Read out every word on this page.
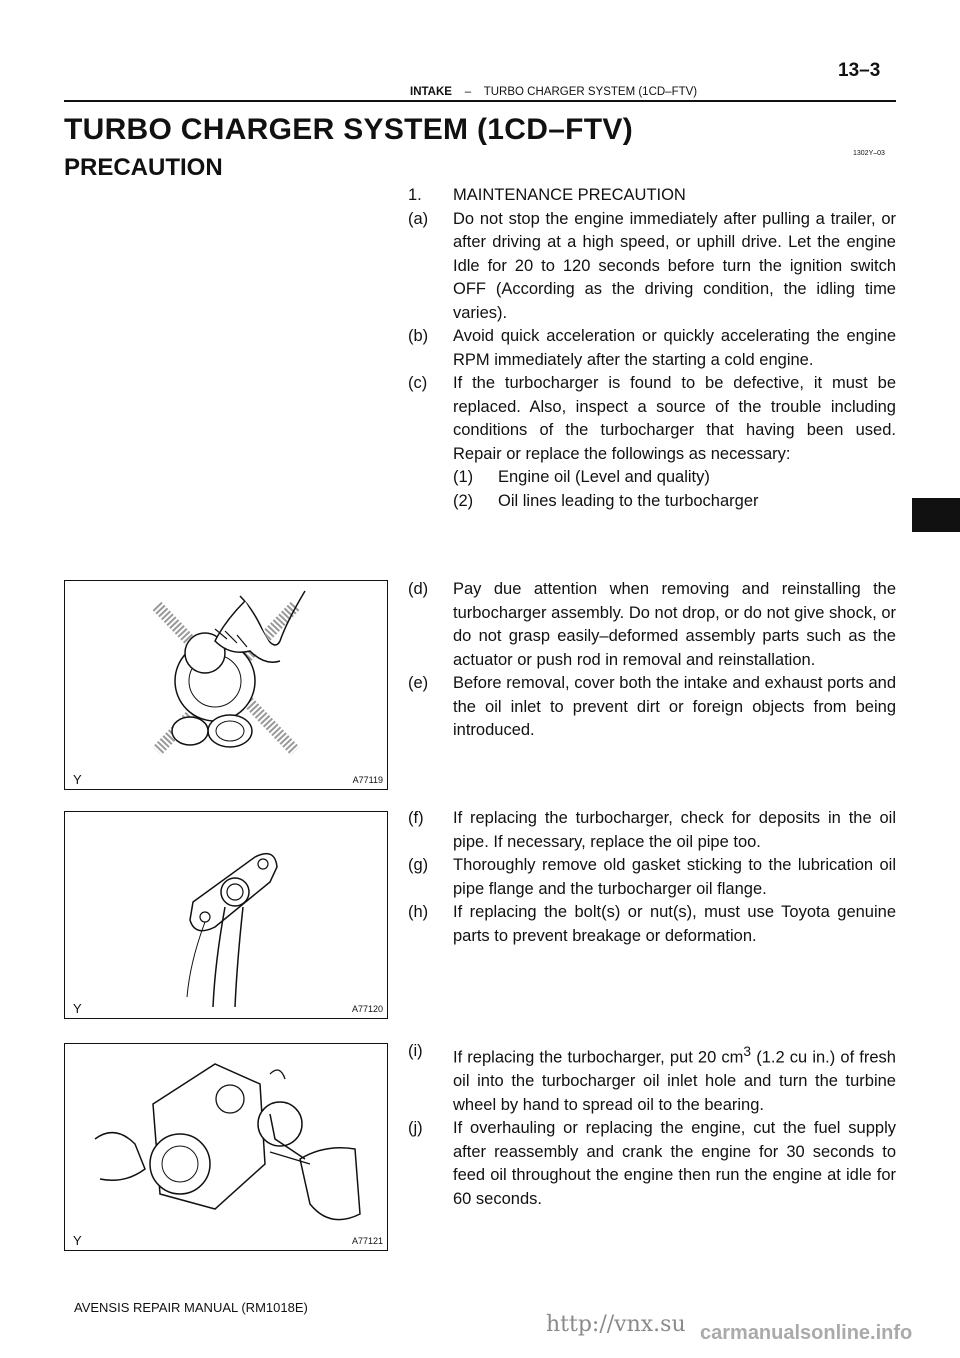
13–3
INTAKE – TURBO CHARGER SYSTEM (1CD–FTV)
TURBO CHARGER SYSTEM (1CD–FTV)
PRECAUTION
1302Y–03
1. MAINTENANCE PRECAUTION
(a) Do not stop the engine immediately after pulling a trailer, or after driving at a high speed, or uphill drive. Let the engine Idle for 20 to 120 seconds before turn the ignition switch OFF (According as the driving condition, the idling time varies).
(b) Avoid quick acceleration or quickly accelerating the engine RPM immediately after the starting a cold engine.
(c) If the turbocharger is found to be defective, it must be replaced. Also, inspect a source of the trouble including conditions of the turbocharger that having been used. Repair or replace the followings as necessary:
(1) Engine oil (Level and quality)
(2) Oil lines leading to the turbocharger
(d) Pay due attention when removing and reinstalling the turbocharger assembly. Do not drop, or do not give shock, or do not grasp easily–deformed assembly parts such as the actuator or push rod in removal and reinstallation.
(e) Before removal, cover both the intake and exhaust ports and the oil inlet to prevent dirt or foreign objects from being introduced.
(f) If replacing the turbocharger, check for deposits in the oil pipe. If necessary, replace the oil pipe too.
(g) Thoroughly remove old gasket sticking to the lubrication oil pipe flange and the turbocharger oil flange.
(h) If replacing the bolt(s) or nut(s), must use Toyota genuine parts to prevent breakage or deformation.
(i) If replacing the turbocharger, put 20 $cm^3$ (1.2 cu in.) of fresh oil into the turbocharger oil inlet hole and turn the turbine wheel by hand to spread oil to the bearing.
(j) If overhauling or replacing the engine, cut the fuel supply after reassembly and crank the engine for 30 seconds to feed oil throughout the engine then run the engine at idle for 60 seconds.
Y	A77119
Y	A77120
Y	A77121
AVENSIS REPAIR MANUAL (RM1018E)
http://vnx.su carmanualsonline.info
